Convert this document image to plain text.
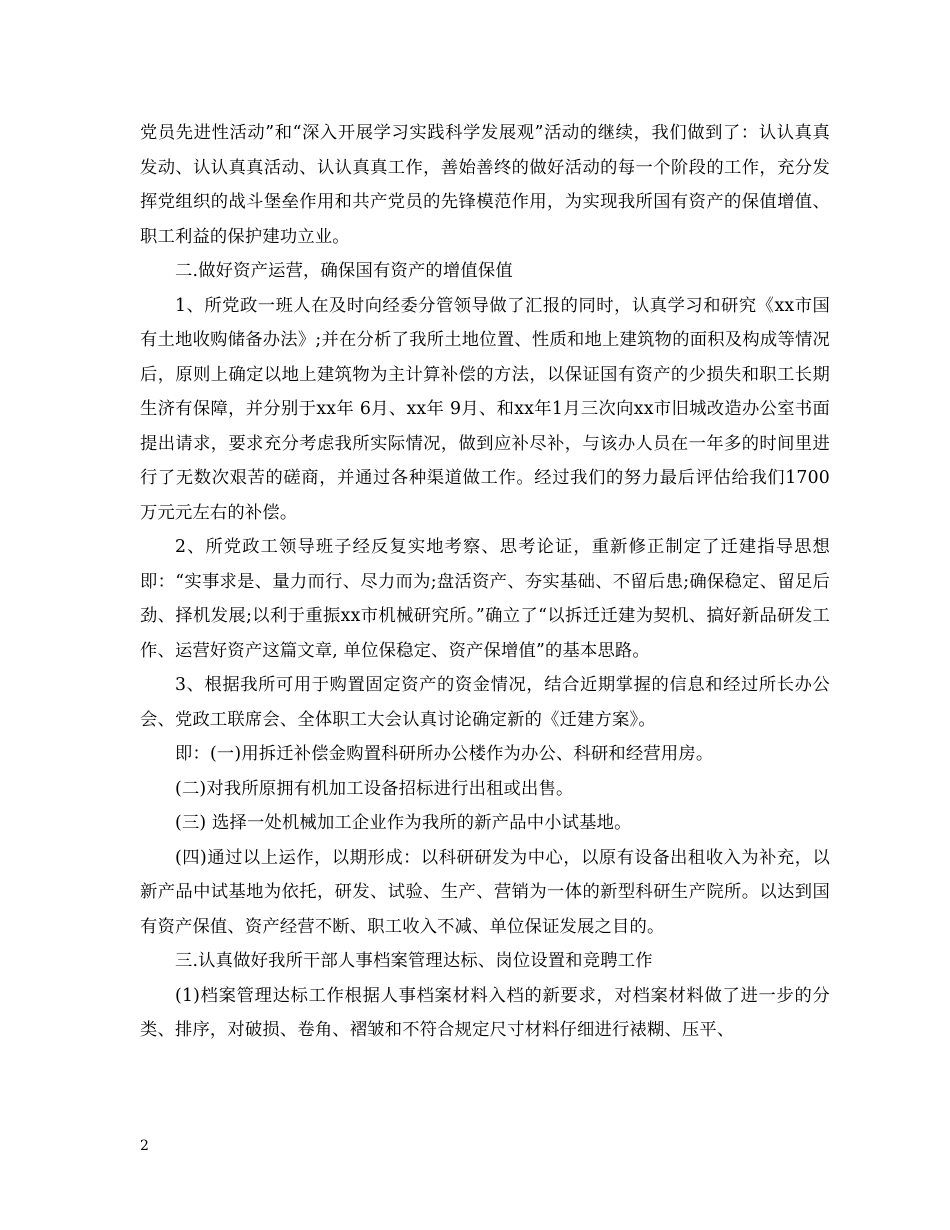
党员先进性活动”和“深入开展学习实践科学发展观”活动的继续，我们做到了：认认真真发动、认认真真活动、认认真真工作，善始善终的做好活动的每一个阶段的工作，充分发挥党组织的战斗堡垒作用和共产党员的先锋模范作用，为实现我所国有资产的保值增值、职工利益的保护建功立业。

二.做好资产运营，确保国有资产的增值保值

1、所党政一班人在及时向经委分管领导做了汇报的同时，认真学习和研究《xx市国有土地收购储备办法》;并在分析了我所土地位置、性质和地上建筑物的面积及构成等情况后，原则上确定以地上建筑物为主计算补偿的方法，以保证国有资产的少损失和职工长期生济有保障，并分别于xx年 6月、xx年 9月、和xx年1月三次向xx市旧城改造办公室书面提出请求，要求充分考虑我所实际情况，做到应补尽补，与该办人员在一年多的时间里进行了无数次艰苦的磋商，并通过各种渠道做工作。经过我们的努力最后评估给我们1700万元元左右的补偿。

2、所党政工领导班子经反复实地考察、思考论证，重新修正制定了迁建指导思想即：“实事求是、量力而行、尽力而为;盘活资产、夯实基础、不留后患;确保稳定、留足后劲、择机发展;以利于重振xx市机械研究所。”确立了“以拆迁迁建为契机、搞好新品研发工作、运营好资产这篇文章, 单位保稳定、资产保增值”的基本思路。

3、根据我所可用于购置固定资产的资金情况，结合近期掌握的信息和经过所长办公会、党政工联席会、全体职工大会认真讨论确定新的《迁建方案》。

即：(一)用拆迁补偿金购置科研所办公楼作为办公、科研和经营用房。

(二)对我所原拥有机加工设备招标进行出租或出售。

(三) 选择一处机械加工企业作为我所的新产品中小试基地。

(四)通过以上运作，以期形成：以科研研发为中心，以原有设备出租收入为补充，以新产品中试基地为依托，研发、试验、生产、营销为一体的新型科研生产院所。以达到国有资产保值、资产经营不断、职工收入不减、单位保证发展之目的。

三.认真做好我所干部人事档案管理达标、岗位设置和竞聘工作

(1)档案管理达标工作根据人事档案材料入档的新要求，对档案材料做了进一步的分类、排序，对破损、卷角、褶皱和不符合规定尺寸材料仔细进行裱糊、压平、

2
